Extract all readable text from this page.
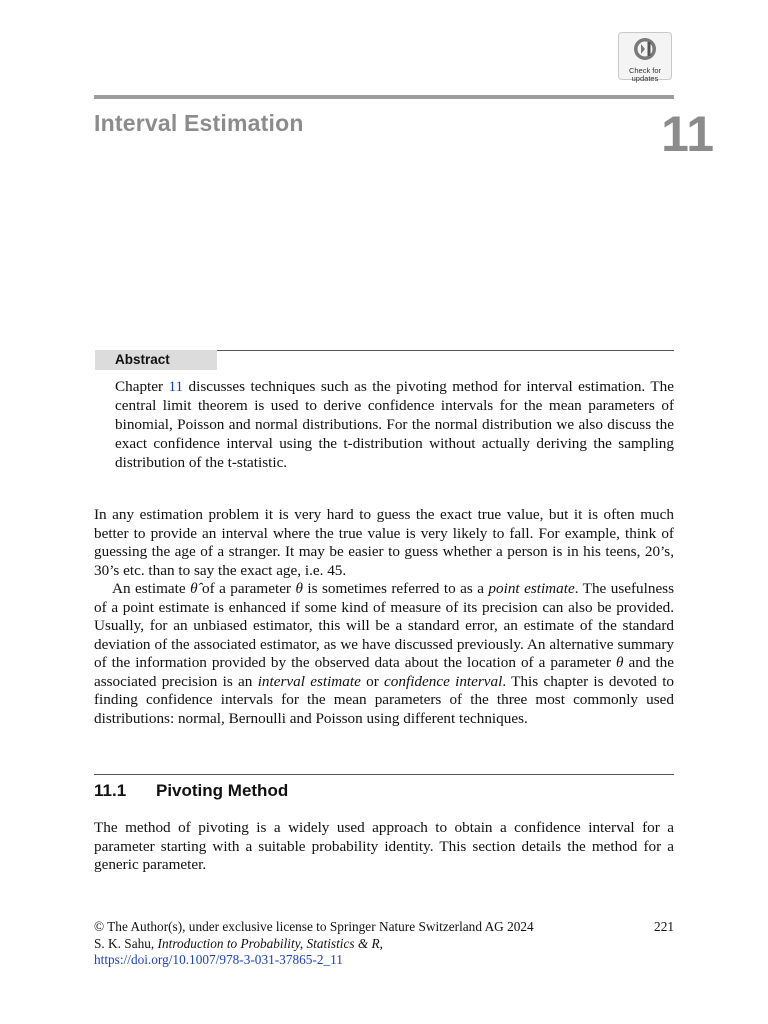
Check for
updates
Interval Estimation	11
Abstract
Chapter 11 discusses techniques such as the pivoting method for interval estimation. The central limit theorem is used to derive confidence intervals for the mean parameters of binomial, Poisson and normal distributions. For the normal distribution we also discuss the exact confidence interval using the t-distribution without actually deriving the sampling distribution of the t-statistic.
In any estimation problem it is very hard to guess the exact true value, but it is often much better to provide an interval where the true value is very likely to fall. For example, think of guessing the age of a stranger. It may be easier to guess whether a person is in his teens, 20’s, 30’s etc. than to say the exact age, i.e. 45.
An estimate θ̂ of a parameter θ is sometimes referred to as a point estimate. The usefulness of a point estimate is enhanced if some kind of measure of its precision can also be provided. Usually, for an unbiased estimator, this will be a standard error, an estimate of the standard deviation of the associated estimator, as we have discussed previously. An alternative summary of the information provided by the observed data about the location of a parameter θ and the associated precision is an interval estimate or confidence interval. This chapter is devoted to finding confidence intervals for the mean parameters of the three most commonly used distributions: normal, Bernoulli and Poisson using different techniques.
11.1 Pivoting Method
The method of pivoting is a widely used approach to obtain a confidence interval for a parameter starting with a suitable probability identity. This section details the method for a generic parameter.
© The Author(s), under exclusive license to Springer Nature Switzerland AG 2024
S. K. Sahu, Introduction to Probability, Statistics & R,
https://doi.org/10.1007/978-3-031-37865-2_11
221
